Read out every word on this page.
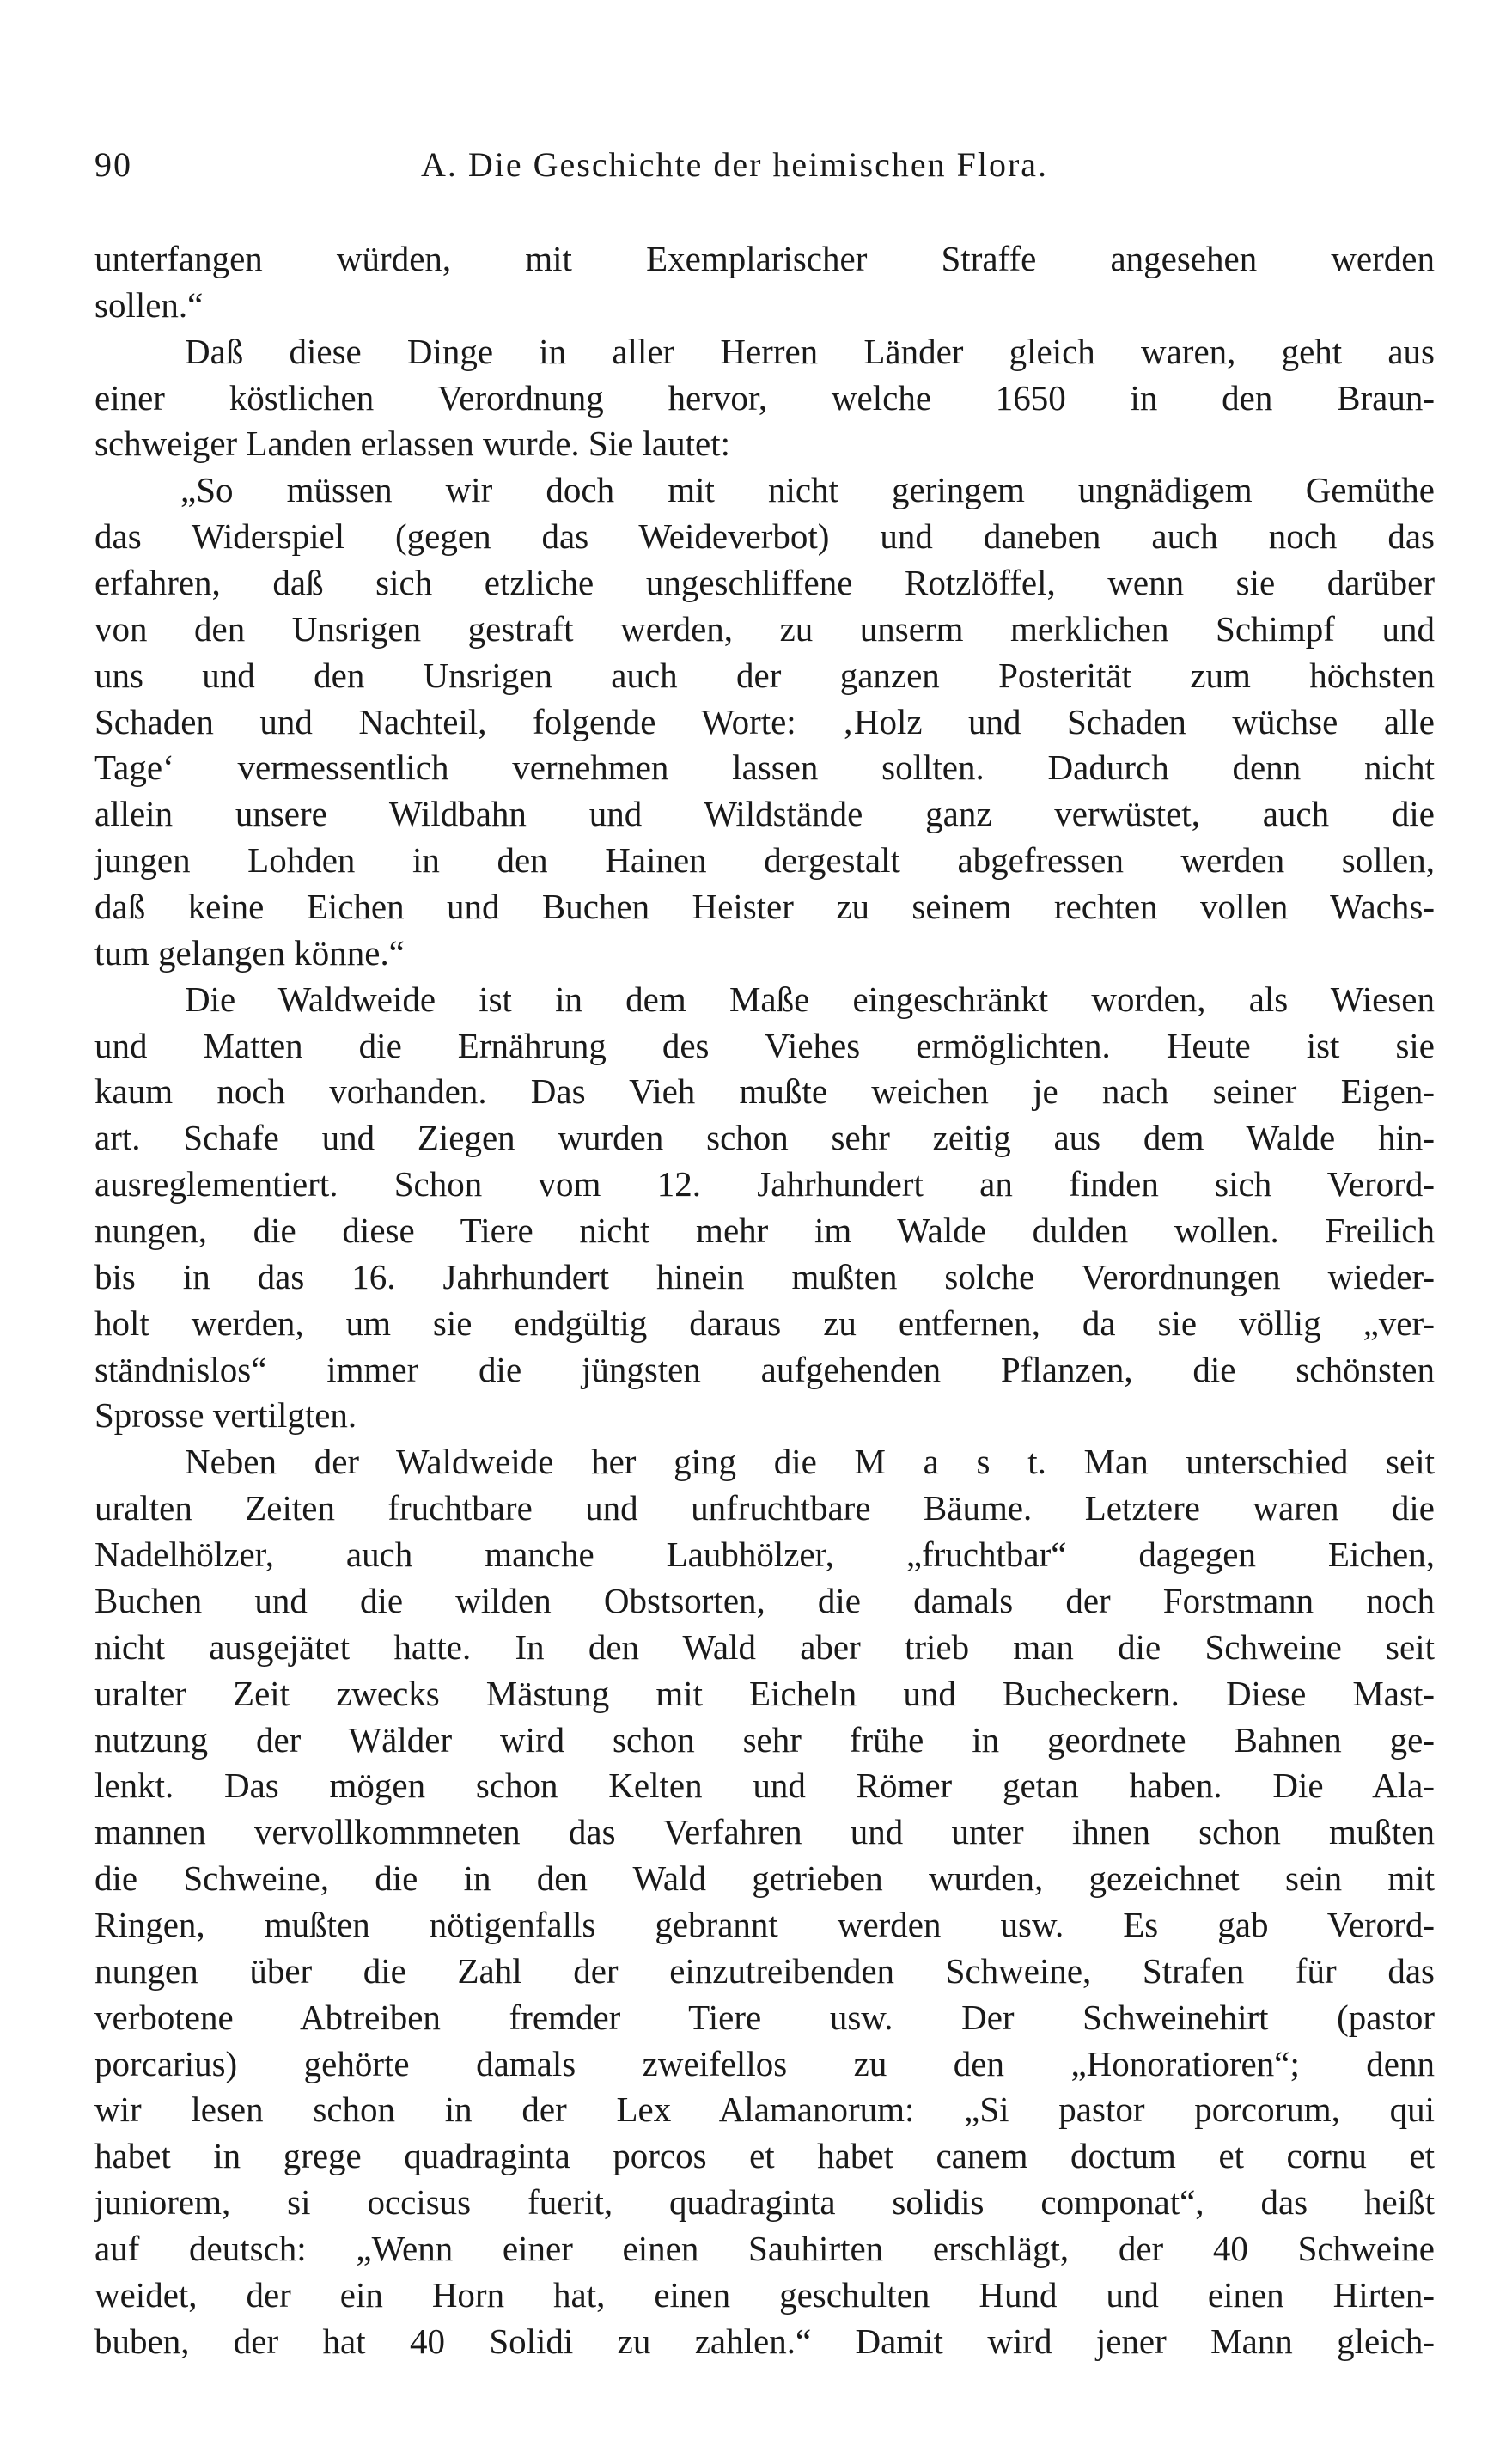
90	A. Die Geschichte der heimischen Flora.
unterfangen würden, mit Exemplarischer Straffe angesehen werden
sollen.“
Daß diese Dinge in aller Herren Länder gleich waren, geht aus
einer köstlichen Verordnung hervor, welche 1650 in den Braun-
schweiger Landen erlassen wurde. Sie lautet:
„So müssen wir doch mit nicht geringem ungnädigem Gemüthe
das Widerspiel (gegen das Weideverbot) und daneben auch noch das
erfahren, daß sich etzliche ungeschliffene Rotzlöffel, wenn sie darüber
von den Unsrigen gestraft werden, zu unserm merklichen Schimpf und
uns und den Unsrigen auch der ganzen Posterität zum höchsten
Schaden und Nachteil, folgende Worte: ‚Holz und Schaden wüchse alle
Tage‘ vermessentlich vernehmen lassen sollten. Dadurch denn nicht
allein unsere Wildbahn und Wildstände ganz verwüstet, auch die
jungen Lohden in den Hainen dergestalt abgefressen werden sollen,
daß keine Eichen und Buchen Heister zu seinem rechten vollen Wachs-
tum gelangen könne.“
Die Waldweide ist in dem Maße eingeschränkt worden, als Wiesen
und Matten die Ernährung des Viehes ermöglichten. Heute ist sie
kaum noch vorhanden. Das Vieh mußte weichen je nach seiner Eigen-
art. Schafe und Ziegen wurden schon sehr zeitig aus dem Walde hin-
ausreglementiert. Schon vom 12. Jahrhundert an finden sich Verord-
nungen, die diese Tiere nicht mehr im Walde dulden wollen. Freilich
bis in das 16. Jahrhundert hinein mußten solche Verordnungen wieder-
holt werden, um sie endgültig daraus zu entfernen, da sie völlig „ver-
ständnislos“ immer die jüngsten aufgehenden Pflanzen, die schönsten
Sprosse vertilgten.
Neben der Waldweide her ging die M a s t. Man unterschied seit
uralten Zeiten fruchtbare und unfruchtbare Bäume. Letztere waren die
Nadelhölzer, auch manche Laubhölzer, „fruchtbar“ dagegen Eichen,
Buchen und die wilden Obstsorten, die damals der Forstmann noch
nicht ausgejätet hatte. In den Wald aber trieb man die Schweine seit
uralter Zeit zwecks Mästung mit Eicheln und Bucheckern. Diese Mast-
nutzung der Wälder wird schon sehr frühe in geordnete Bahnen ge-
lenkt. Das mögen schon Kelten und Römer getan haben. Die Ala-
mannen vervollkommneten das Verfahren und unter ihnen schon mußten
die Schweine, die in den Wald getrieben wurden, gezeichnet sein mit
Ringen, mußten nötigenfalls gebrannt werden usw. Es gab Verord-
nungen über die Zahl der einzutreibenden Schweine, Strafen für das
verbotene Abtreiben fremder Tiere usw. Der Schweinehirt (pastor
porcarius) gehörte damals zweifellos zu den „Honoratioren“; denn
wir lesen schon in der Lex Alamanorum: „Si pastor porcorum, qui
habet in grege quadraginta porcos et habet canem doctum et cornu et
juniorem, si occisus fuerit, quadraginta solidis componat“, das heißt
auf deutsch: „Wenn einer einen Sauhirten erschlägt, der 40 Schweine
weidet, der ein Horn hat, einen geschulten Hund und einen Hirten-
buben, der hat 40 Solidi zu zahlen.“ Damit wird jener Mann gleich-
